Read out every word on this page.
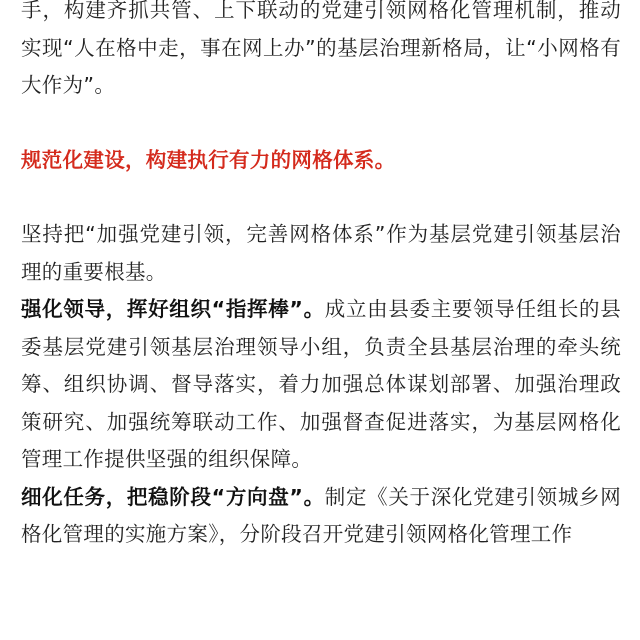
手，构建齐抓共管、上下联动的党建引领网格化管理机制，推动实现“人在格中走，事在网上办”的基层治理新格局，让“小网格有大作为”。

规范化建设，构建执行有力的网格体系。

坚持把“加强党建引领，完善网格体系”作为基层党建引领基层治理的重要根基。

强化领导，挥好组织“指挥棒”。成立由县委主要领导任组长的县委基层党建引领基层治理领导小组，负责全县基层治理的牵头统筹、组织协调、督导落实，着力加强总体谋划部署、加强治理政策研究、加强统筹联动工作、加强督查促进落实，为基层网格化管理工作提供坚强的组织保障。

细化任务，把稳阶段“方向盘”。制定《关于深化党建引领城乡网格化管理的实施方案》，分阶段召开党建引领网格化管理工作
